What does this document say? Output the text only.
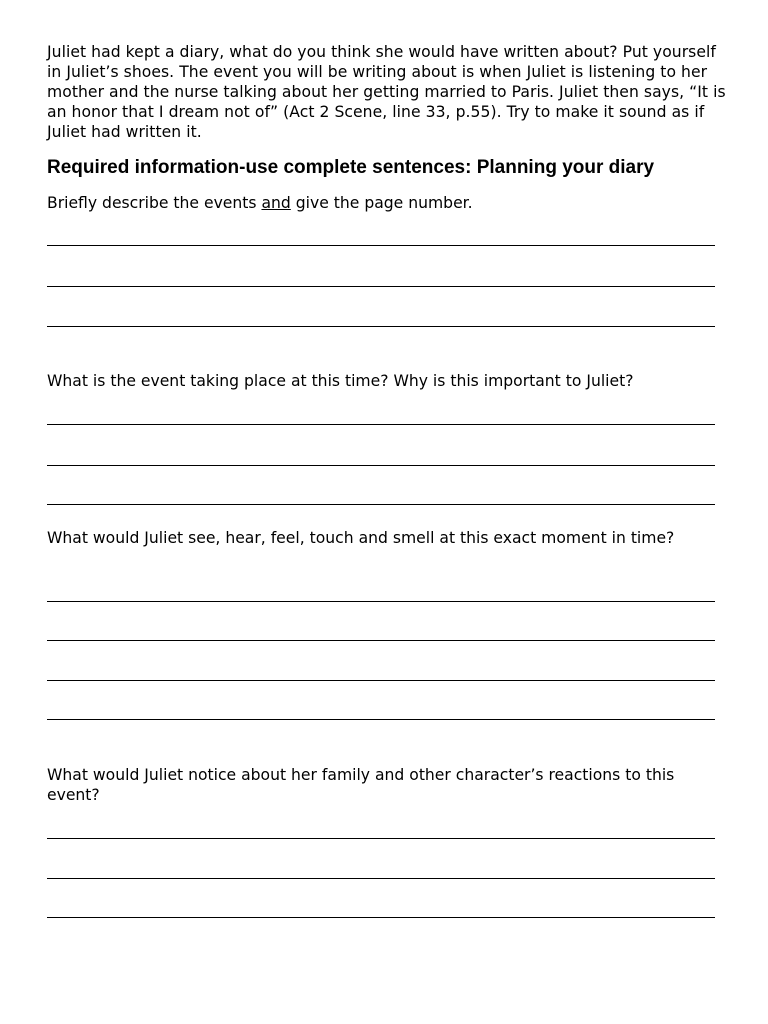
Juliet had kept a diary, what do you think she would have written about? Put yourself in Juliet’s shoes. The event you will be writing about is when Juliet is listening to her mother and the nurse talking about her getting married to Paris. Juliet then says, “It is an honor that I dream not of” (Act 2 Scene, line 33, p.55). Try to make it sound as if Juliet had written it.
Required information-use complete sentences: Planning your diary
Briefly describe the events and give the page number.
What is the event taking place at this time? Why is this important to Juliet?
What would Juliet see, hear, feel, touch and smell at this exact moment in time?
What would Juliet notice about her family and other character’s reactions to this event?
